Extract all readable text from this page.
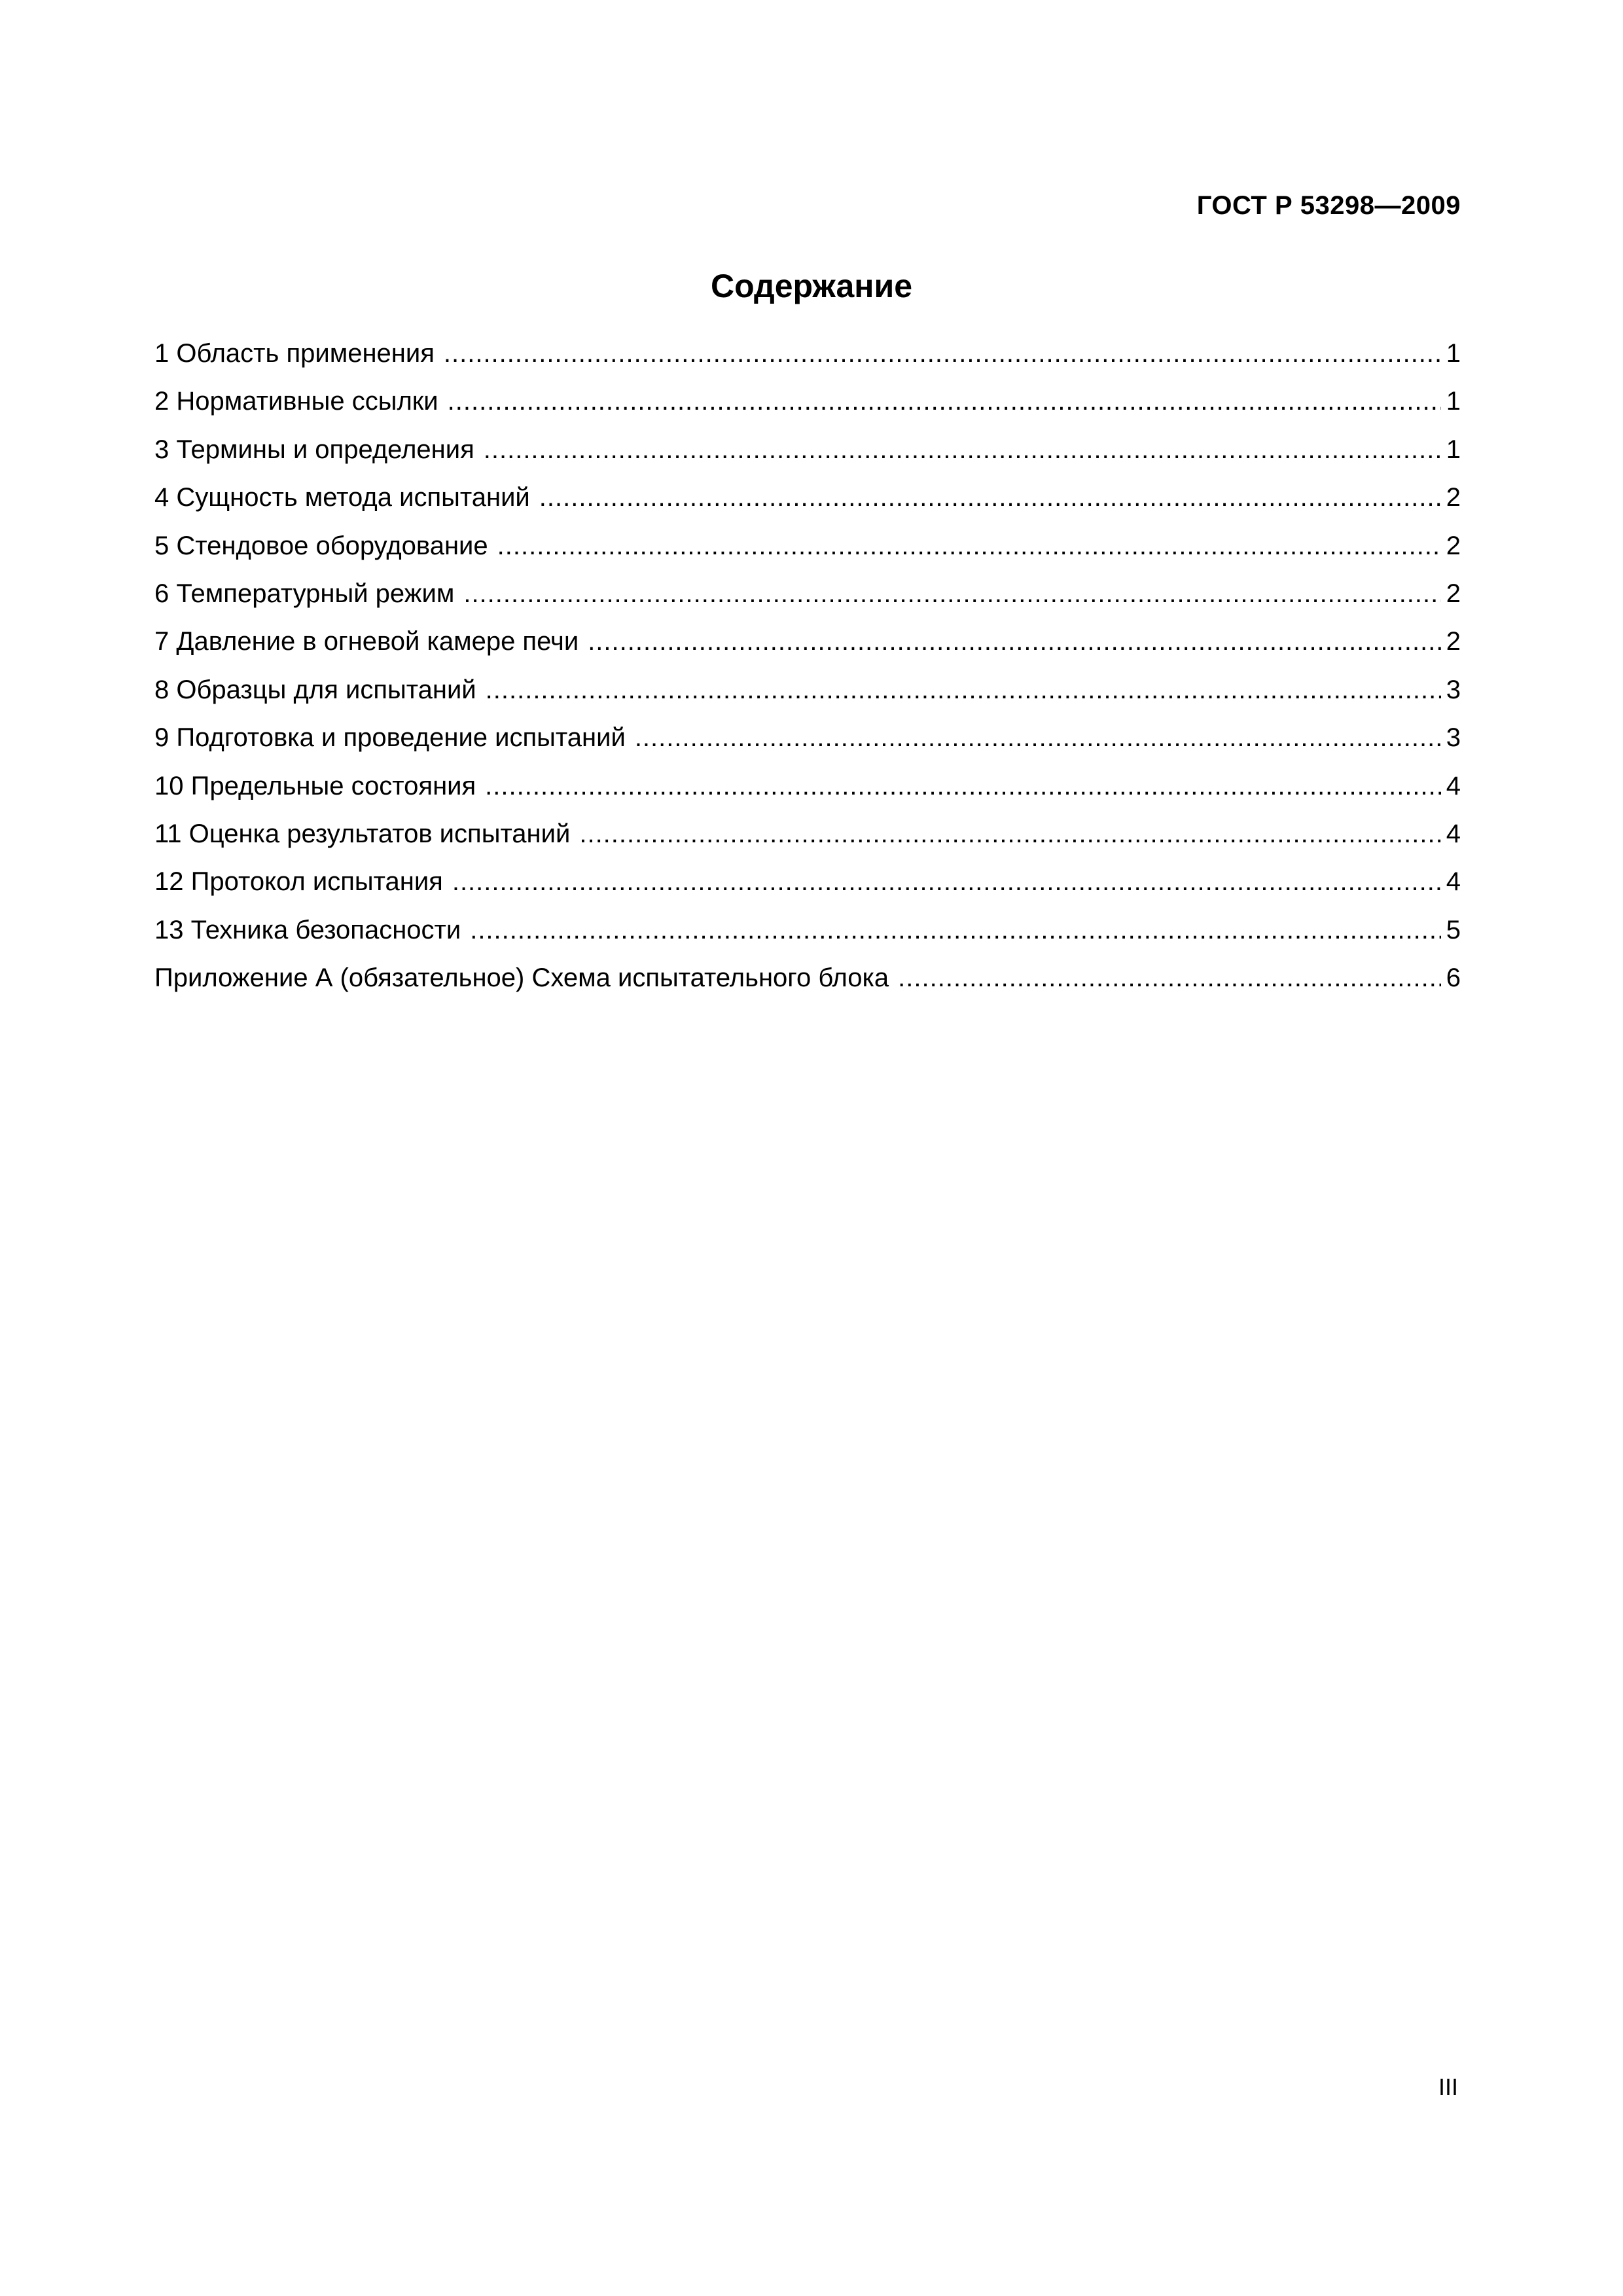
ГОСТ Р 53298—2009
Содержание
1 Область применения .....	1
2 Нормативные ссылки .....	1
3 Термины и определения .....	1
4 Сущность метода испытаний .....	2
5 Стендовое оборудование .....	2
6 Температурный режим .....	2
7 Давление в огневой камере печи .....	2
8 Образцы для испытаний .....	3
9 Подготовка и проведение испытаний .....	3
10 Предельные состояния .....	4
11 Оценка результатов испытаний .....	4
12 Протокол испытания .....	4
13 Техника безопасности .....	5
Приложение А (обязательное) Схема испытательного блока .....	6
III
